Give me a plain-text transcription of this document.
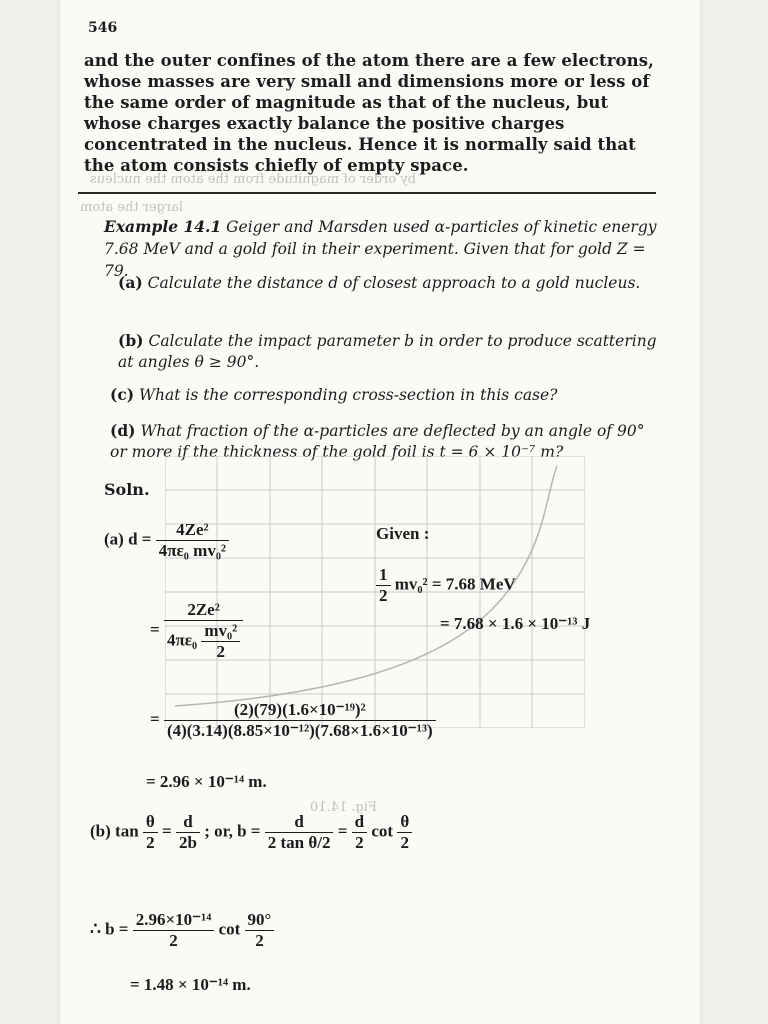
546
and the outer confines of the atom there are a few electrons, whose masses are very small and dimensions more or less of the same order of magnitude as that of the nucleus, but whose charges exactly balance the positive charges concentrated in the nucleus. Hence it is normally said that the atom consists chiefly of empty space.
by order of magnitude from the atom the nucleus
larger the atom
Example 14.1 Geiger and Marsden used α-particles of kinetic energy 7.68 MeV and a gold foil in their experiment. Given that for gold Z = 79.
(a) Calculate the distance d of closest approach to a gold nucleus.
(b) Calculate the impact parameter b in order to produce scattering at angles θ ≥ 90°.
(c) What is the corresponding cross-section in this case?
(d) What fraction of the α-particles are deflected by an angle of 90° or more if the thickness of the gold foil is t = 6 × 10⁻⁷ m?
Soln.
(a) $d = \frac{\text{4Ze²}}{\text{4πε₀ mv₀²}}$	Given :
$\frac{1}{2} mv_0^2 = 7.68$ MeV
= 7.68 × 1.6 × 10⁻¹³ J
= $\frac{\text{2Ze²}}{4\pi\varepsilon_0 \frac{\text{mv₀²}}{2}}$
= $\frac{\text{(2)(79)(1.6×10⁻¹⁹)²}}{\text{(4)(3.14)(8.85×10⁻¹²)(7.68×1.6×10⁻¹³)}}$
= 2.96 × 10⁻¹⁴ m.
Fig. 14.10
(b) $\tan \frac{\theta}{2} = \frac{d}{2b}$ ; or, $b = \frac{d}{\text{2 tan θ/2}} = \frac{d}{2}$ $\cot \frac{\theta}{2}$
∴ $b = \frac{\text{2.96×10⁻¹⁴}}{2}$ $\cot \frac{90^\circ}{2}$
= 1.48 × 10⁻¹⁴ m.
